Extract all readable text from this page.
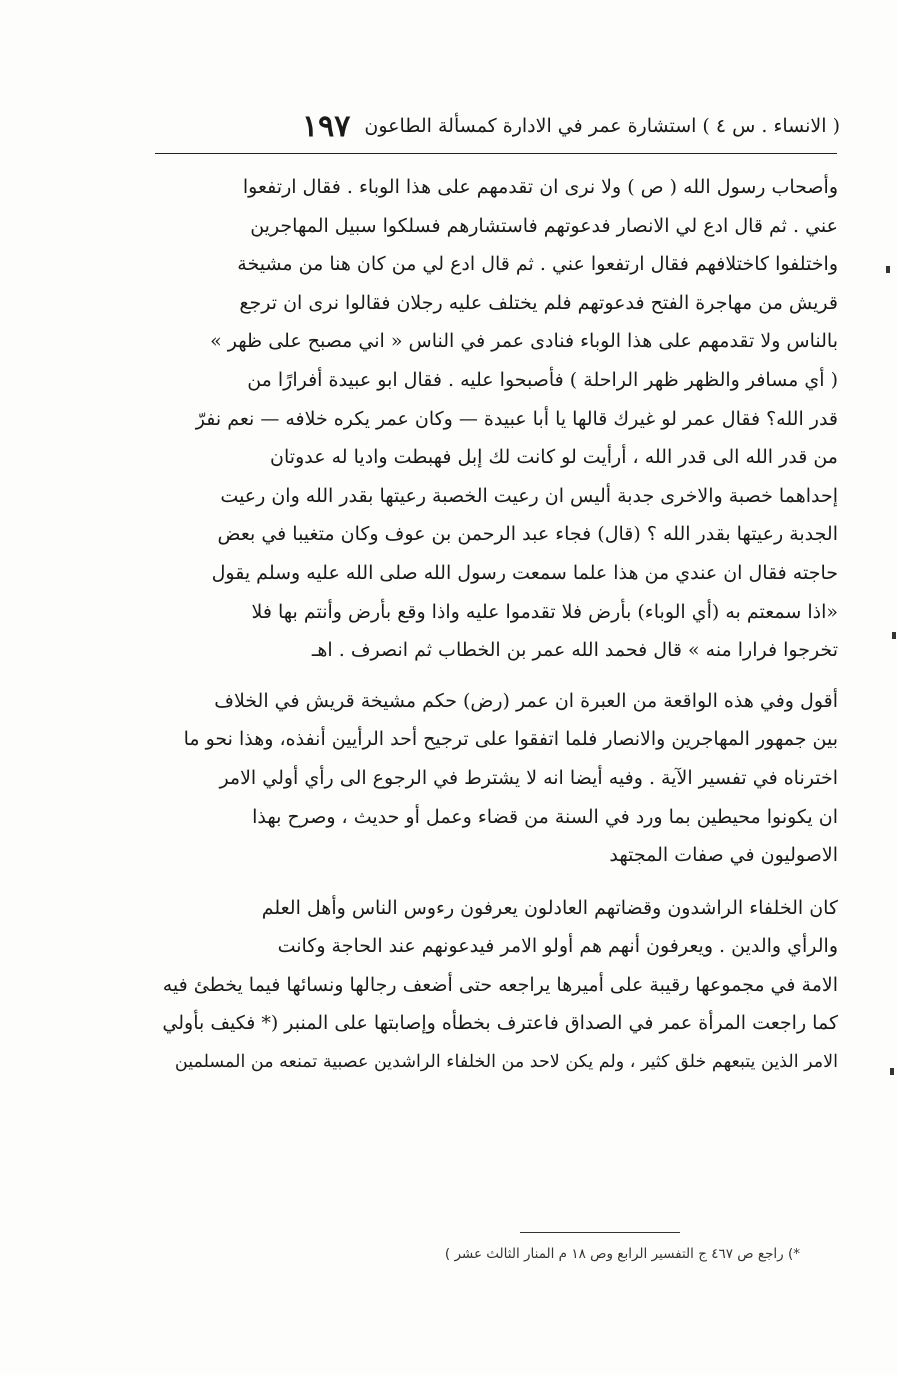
( الانساء . س ٤ ) استشارة عمر في الادارة كمسألة الطاعون
١٩٧
وأصحاب رسول الله ( ص ) ولا نرى ان تقدمهم على هذا الوباء . فقال ارتفعوا
عني . ثم قال ادع لي الانصار فدعوتهم فاستشارهم فسلكوا سبيل المهاجرين
واختلفوا كاختلافهم فقال ارتفعوا عني . ثم قال ادع لي من كان هنا من مشيخة
قريش من مهاجرة الفتح فدعوتهم فلم يختلف عليه رجلان فقالوا نرى ان ترجع
بالناس ولا تقدمهم على هذا الوباء فنادى عمر في الناس « اني مصبح على ظهر »
( أي مسافر والظهر ظهر الراحلة ) فأصبحوا عليه . فقال ابو عبيدة أفرارًا من
قدر الله؟ فقال عمر لو غيرك قالها يا أبا عبيدة — وكان عمر يكره خلافه — نعم نفرّ
من قدر الله الى قدر الله ، أرأيت لو كانت لك إبل فهبطت واديا له عدوتان
إحداهما خصبة والاخرى جدبة أليس ان رعيت الخصبة رعيتها بقدر الله وان رعيت
الجدبة رعيتها بقدر الله ؟ (قال) فجاء عبد الرحمن بن عوف وكان متغيبا في بعض
حاجته فقال ان عندي من هذا علما سمعت رسول الله صلى الله عليه وسلم يقول
«اذا سمعتم به (أي الوباء) بأرض فلا تقدموا عليه واذا وقع بأرض وأنتم بها فلا
تخرجوا فرارا منه » قال فحمد الله عمر بن الخطاب ثم انصرف . اهـ
أقول وفي هذه الواقعة من العبرة ان عمر (رض) حكم مشيخة قريش في الخلاف
بين جمهور المهاجرين والانصار فلما اتفقوا على ترجيح أحد الرأيين أنفذه، وهذا نحو ما
اخترناه في تفسير الآية . وفيه أيضا انه لا يشترط في الرجوع الى رأي أولي الامر
ان يكونوا محيطين بما ورد في السنة من قضاء وعمل أو حديث ، وصرح بهذا
الاصوليون في صفات المجتهد
كان الخلفاء الراشدون وقضاتهم العادلون يعرفون رءوس الناس وأهل العلم
والرأي والدين . ويعرفون أنهم هم أولو الامر فيدعونهم عند الحاجة وكانت
الامة في مجموعها رقيبة على أميرها يراجعه حتى أضعف رجالها ونسائها فيما يخطئ فيه
كما راجعت المرأة عمر في الصداق فاعترف بخطأه وإصابتها على المنبر (* فكيف بأولي
الامر الذين يتبعهم خلق كثير ، ولم يكن لاحد من الخلفاء الراشدين عصبية تمنعه من المسلمين
*) راجع ص ٤٦٧ ج التفسير الرابع وص ١٨ م المنار الثالث عشر )
